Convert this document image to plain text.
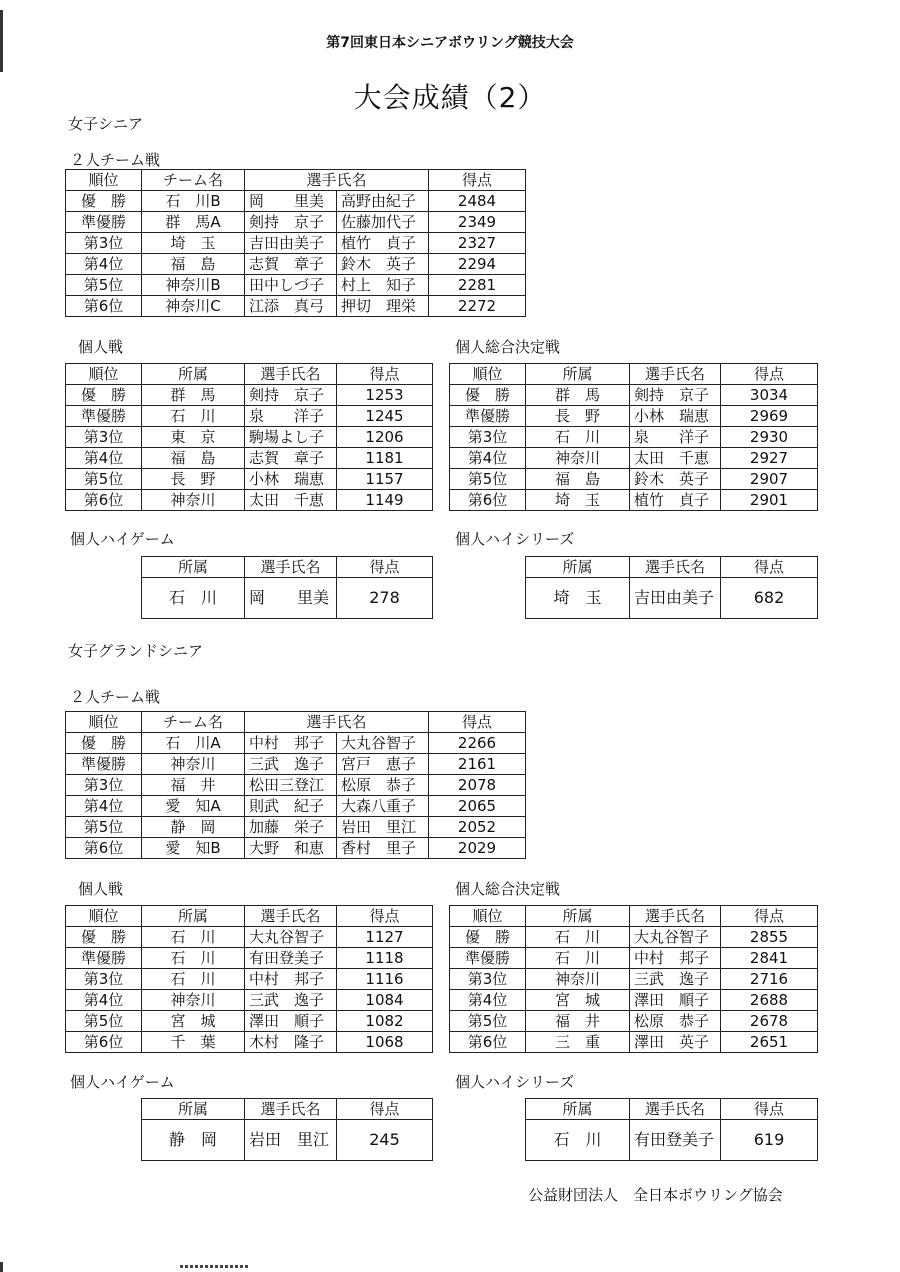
第7回東日本シニアボウリング競技大会
大会成績（2）
女子シニア
２人チーム戦
順位	チーム名	選手氏名		得点
優　勝	石　川B	岡　　里美	高野由紀子	2484
準優勝	群　馬A	剣持　京子	佐藤加代子	2349
第3位	埼　玉	吉田由美子	植竹　貞子	2327
第4位	福　島	志賀　章子	鈴木　英子	2294
第5位	神奈川B	田中しづ子	村上　知子	2281
第6位	神奈川C	江添　真弓	押切　理栄	2272
個人戦	個人総合決定戦
順位	所属	選手氏名	得点
優　勝	群　馬	剣持　京子	1253
準優勝	石　川	泉　　洋子	1245
第3位	東　京	駒場よし子	1206
第4位	福　島	志賀　章子	1181
第5位	長　野	小林　瑞恵	1157
第6位	神奈川	太田　千恵	1149
順位	所属	選手氏名	得点
優　勝	群　馬	剣持　京子	3034
準優勝	長　野	小林　瑞恵	2969
第3位	石　川	泉　　洋子	2930
第4位	神奈川	太田　千恵	2927
第5位	福　島	鈴木　英子	2907
第6位	埼　玉	植竹　貞子	2901
個人ハイゲーム	個人ハイシリーズ
所属	選手氏名	得点
石　川	岡　　里美	278
所属	選手氏名	得点
埼　玉	吉田由美子	682
女子グランドシニア
２人チーム戦
順位	チーム名	選手氏名		得点
優　勝	石　川A	中村　邦子	大丸谷智子	2266
準優勝	神奈川	三武　逸子	宮戸　恵子	2161
第3位	福　井	松田三登江	松原　恭子	2078
第4位	愛　知A	則武　紀子	大森八重子	2065
第5位	静　岡	加藤　栄子	岩田　里江	2052
第6位	愛　知B	大野　和恵	香村　里子	2029
個人戦	個人総合決定戦
順位	所属	選手氏名	得点
優　勝	石　川	大丸谷智子	1127
準優勝	石　川	有田登美子	1118
第3位	石　川	中村　邦子	1116
第4位	神奈川	三武　逸子	1084
第5位	宮　城	澤田　順子	1082
第6位	千　葉	木村　隆子	1068
順位	所属	選手氏名	得点
優　勝	石　川	大丸谷智子	2855
準優勝	石　川	中村　邦子	2841
第3位	神奈川	三武　逸子	2716
第4位	宮　城	澤田　順子	2688
第5位	福　井	松原　恭子	2678
第6位	三　重	澤田　英子	2651
個人ハイゲーム	個人ハイシリーズ
所属	選手氏名	得点
静　岡	岩田　里江	245
所属	選手氏名	得点
石　川	有田登美子	619
公益財団法人　全日本ボウリング協会
